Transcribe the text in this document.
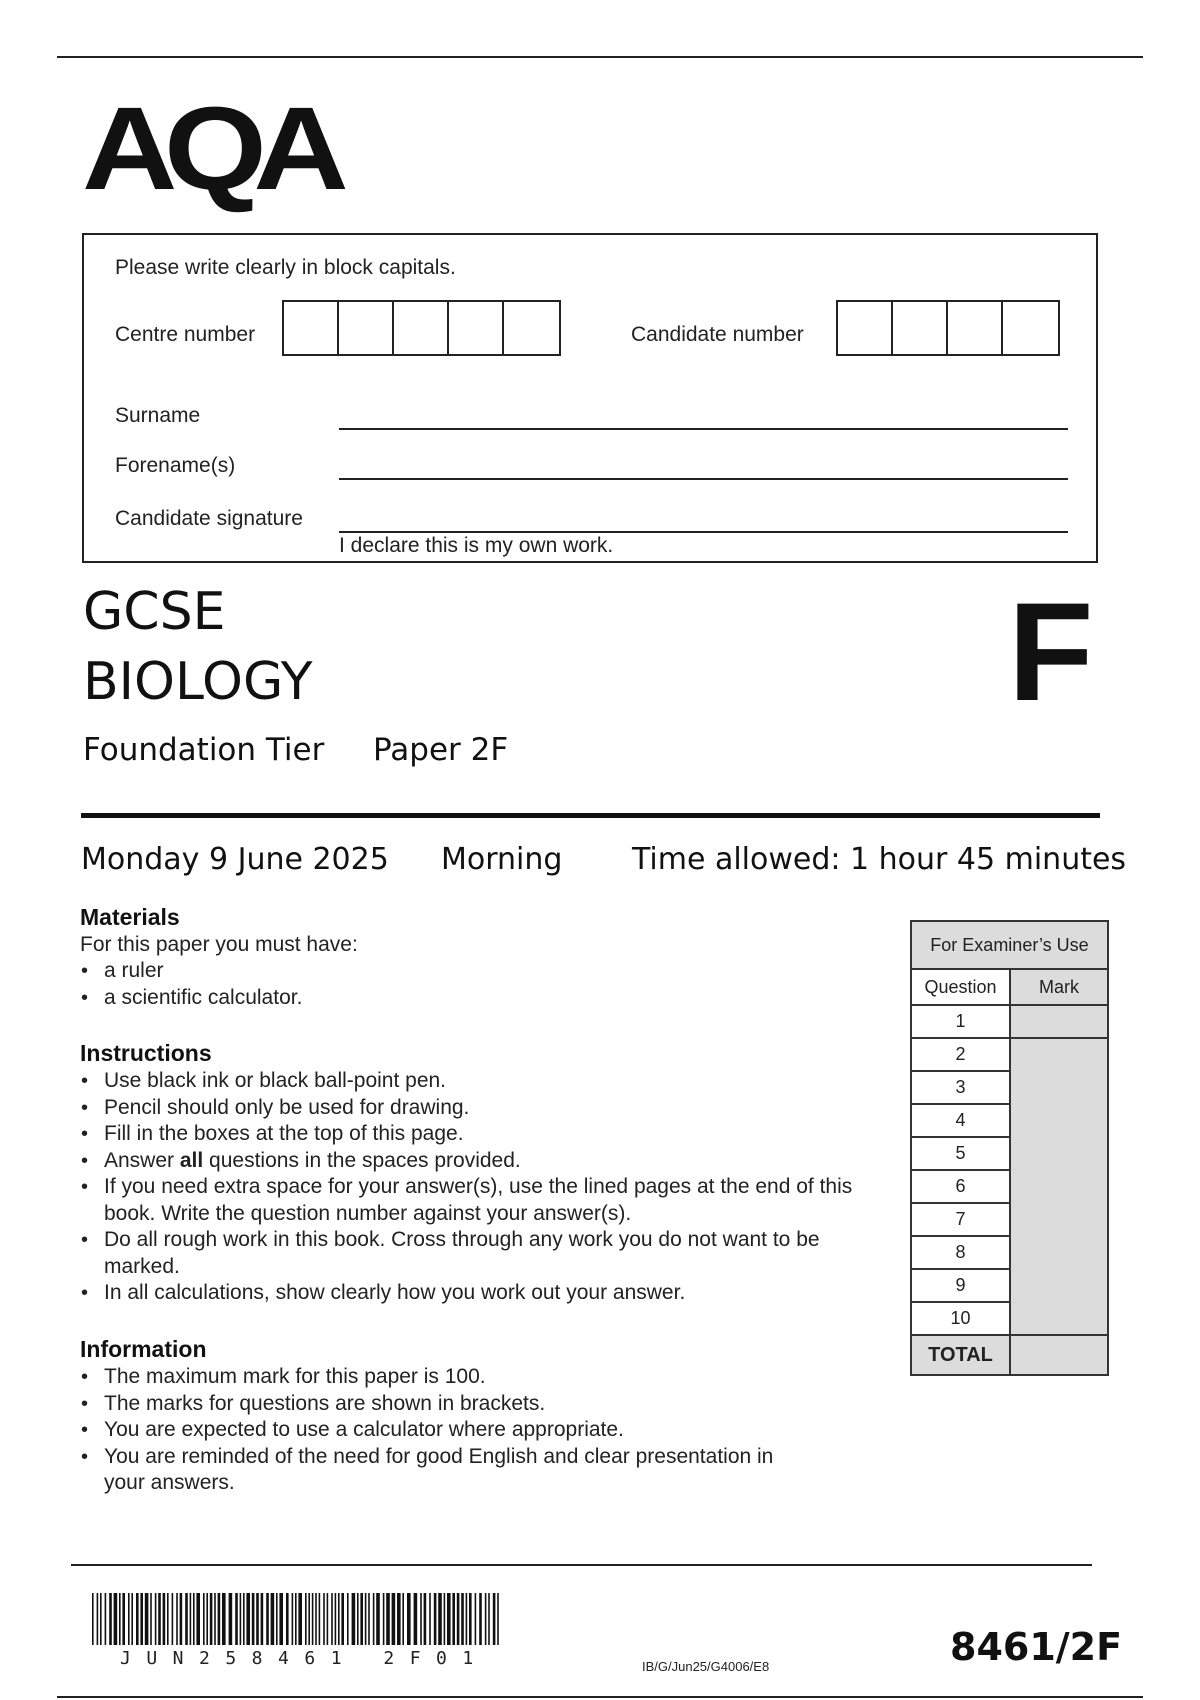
AQA
Please write clearly in block capitals.
Centre number	Candidate number
Surname
Forename(s)
Candidate signature
I declare this is my own work.
GCSE
BIOLOGY
Foundation Tier Paper 2F
F
Monday 9 June 2025 Morning Time allowed: 1 hour 45 minutes
Materials
For this paper you must have:
• a ruler
• a scientific calculator.
Instructions
• Use black ink or black ball-point pen.
• Pencil should only be used for drawing.
• Fill in the boxes at the top of this page.
• Answer all questions in the spaces provided.
• If you need extra space for your answer(s), use the lined pages at the end of this book. Write the question number against your answer(s).
• Do all rough work in this book. Cross through any work you do not want to be marked.
• In all calculations, show clearly how you work out your answer.
Information
• The maximum mark for this paper is 100.
• The marks for questions are shown in brackets.
• You are expected to use a calculator where appropriate.
• You are reminded of the need for good English and clear presentation in your answers.
For Examiner’s Use	
Question	Mark
1	
2	
3	
4	
5	
6	
7	
8	
9	
10	
TOTAL	
JUN258461 2F01	IB/G/Jun25/G4006/E8	8461/2F
